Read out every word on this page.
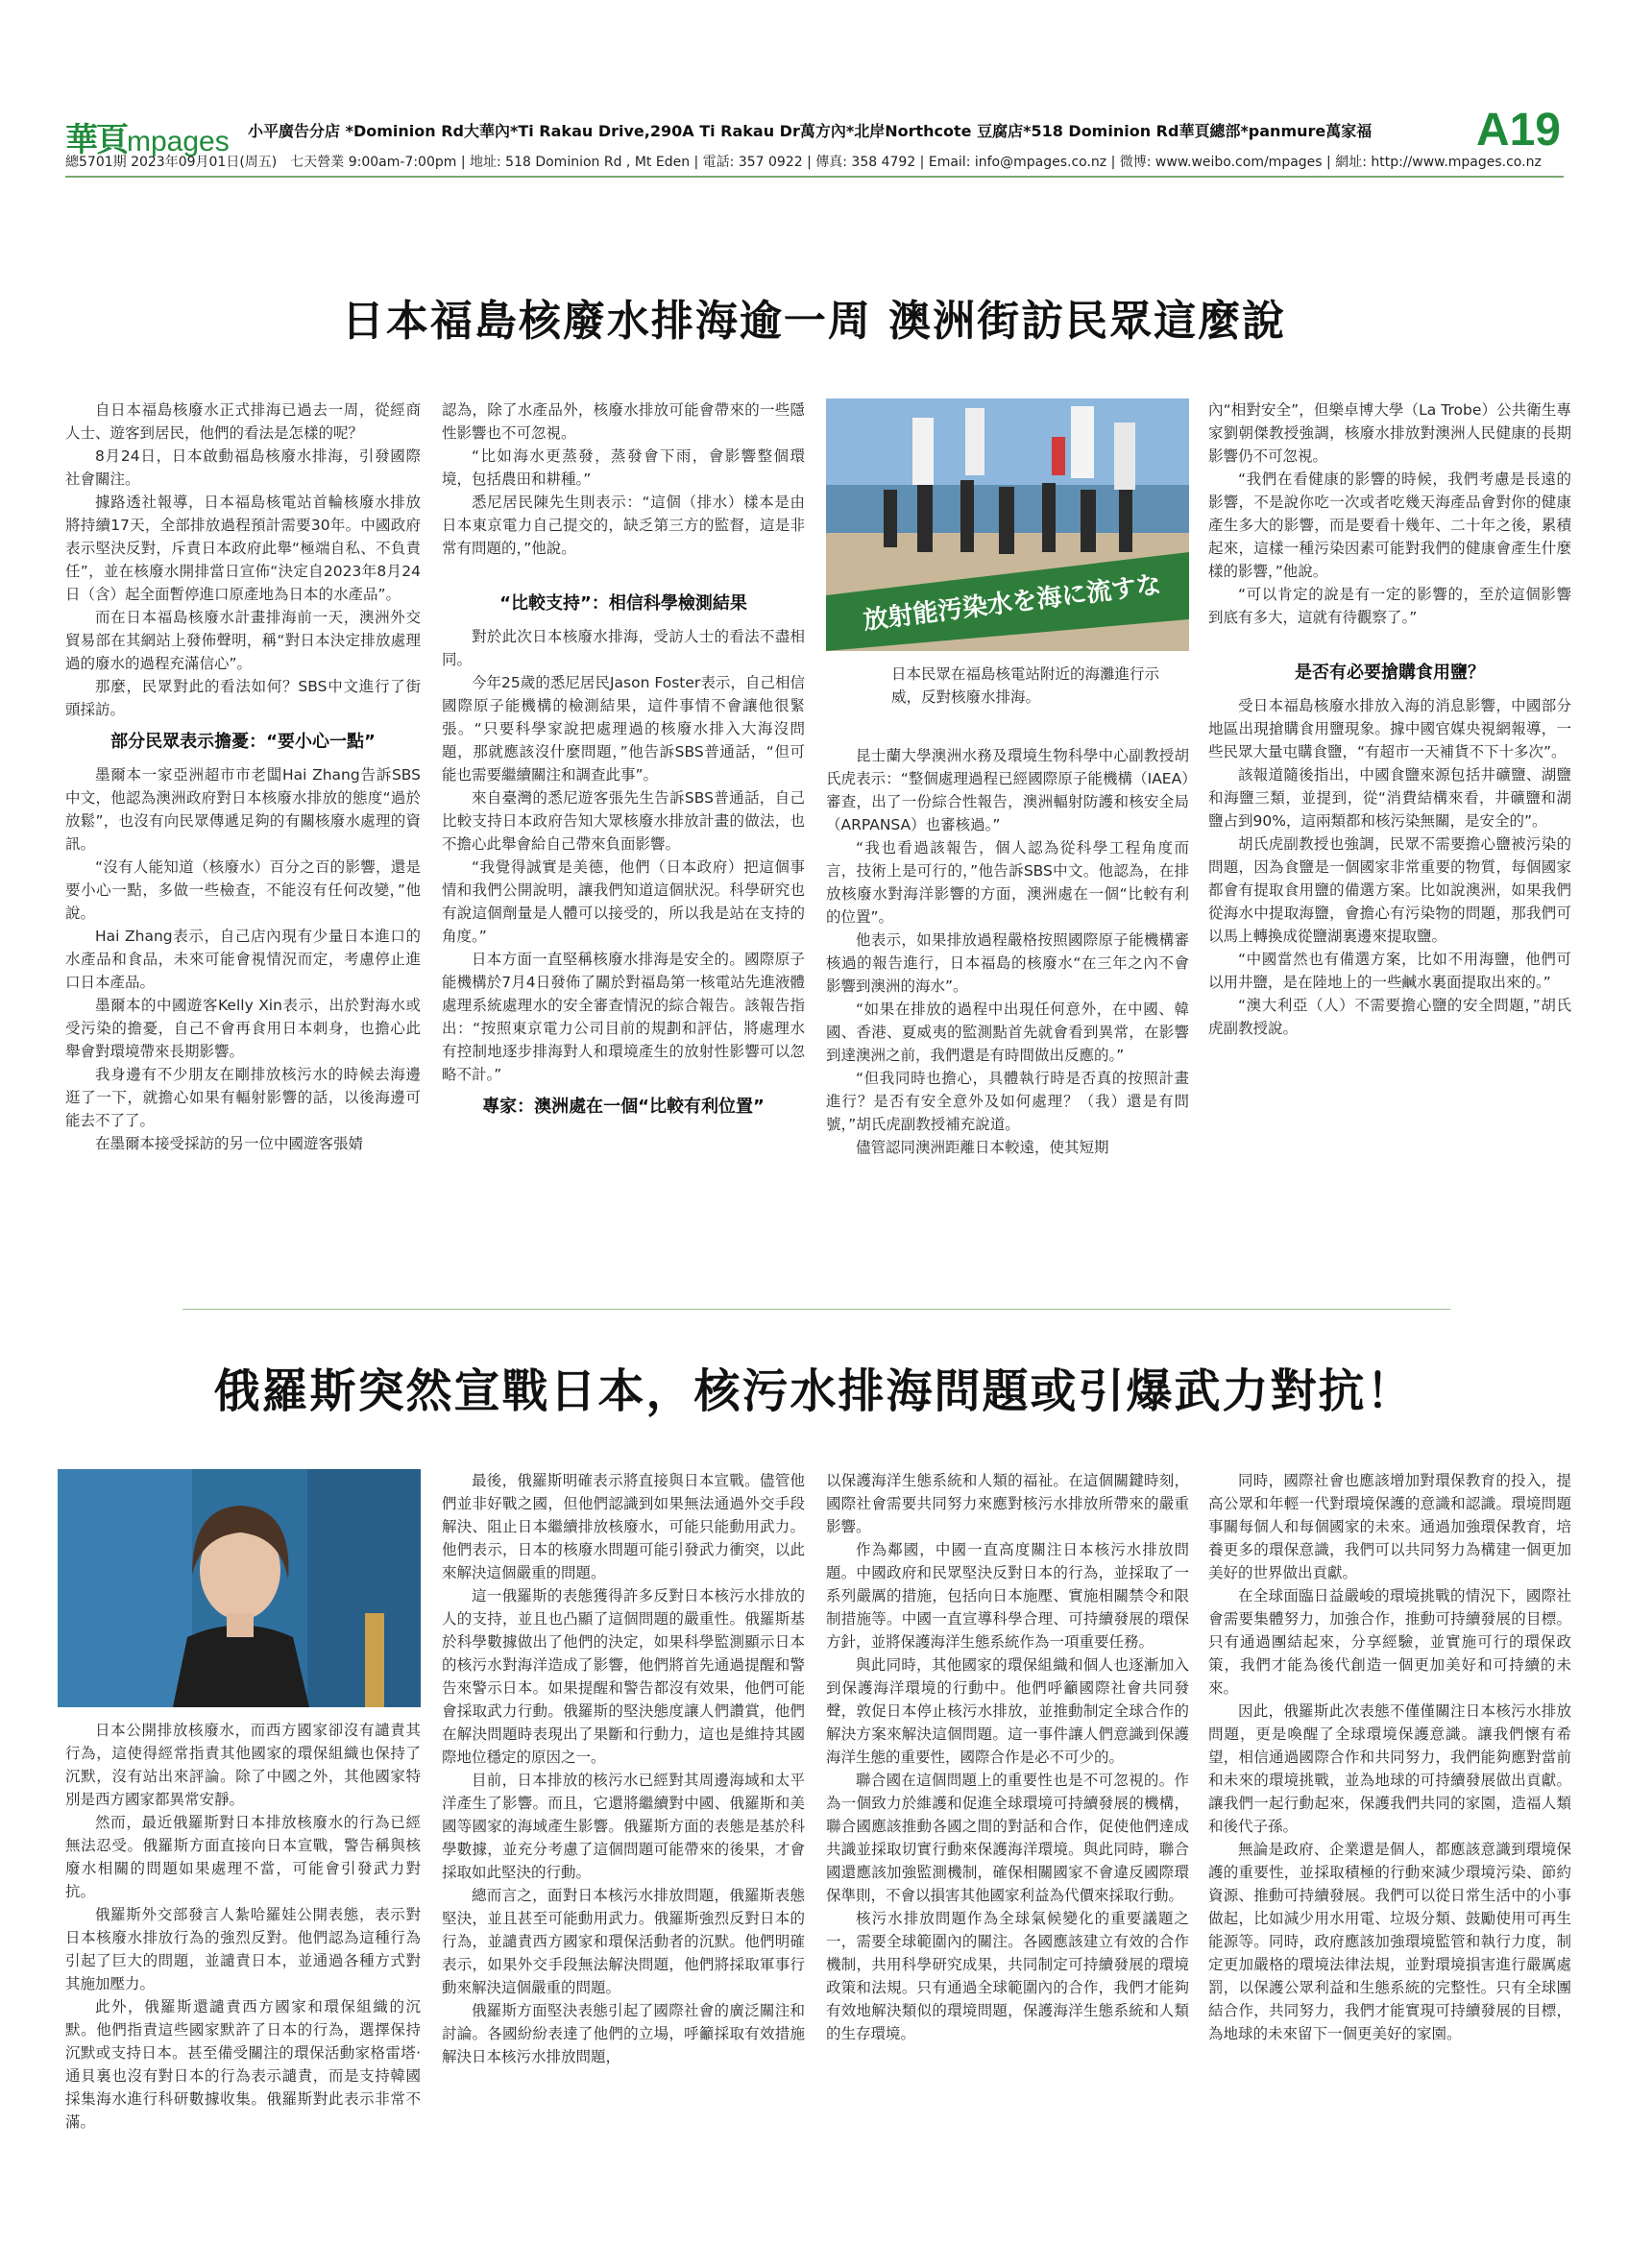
華頁mpages 小平廣告分店 *Dominion Rd大華內*Ti Rakau Drive,290A Ti Rakau Dr萬方內*北岸Northcote 豆腐店*518 Dominion Rd華頁總部*panmure萬家福
總5701期 2023年09月01日(周五)　七天營業 9:00am-7:00pm | 地址: 518 Dominion Rd , Mt Eden | 電話: 357 0922 | 傳真: 358 4792 | Email: info@mpages.co.nz | 微博: www.weibo.com/mpages | 網址: http://www.mpages.co.nz
A19
日本福島核廢水排海逾一周 澳洲街訪民眾這麼說

自日本福島核廢水正式排海已過去一周，從經商人士、遊客到居民，他們的看法是怎樣的呢？

8月24日，日本啟動福島核廢水排海，引發國際社會關注。

據路透社報導，日本福島核電站首輪核廢水排放將持續17天，全部排放過程預計需要30年。中國政府表示堅決反對，斥責日本政府此舉“極端自私、不負責任”，並在核廢水開排當日宣佈“決定自2023年8月24日（含）起全面暫停進口原產地為日本的水產品”。

而在日本福島核廢水計畫排海前一天，澳洲外交貿易部在其網站上發佈聲明，稱“對日本決定排放處理過的廢水的過程充滿信心”。

那麼，民眾對此的看法如何？SBS中文進行了街頭採訪。

部分民眾表示擔憂：“要小心一點”

墨爾本一家亞洲超市市老闆Hai Zhang告訴SBS中文，他認為澳洲政府對日本核廢水排放的態度“過於放鬆”，也沒有向民眾傳遞足夠的有關核廢水處理的資訊。

“沒有人能知道（核廢水）百分之百的影響，還是要小心一點，多做一些檢查，不能沒有任何改變，”他說。

Hai Zhang表示，自己店內現有少量日本進口的水產品和食品，未來可能會視情況而定，考慮停止進口日本產品。

墨爾本的中國遊客Kelly Xin表示，出於對海水或受污染的擔憂，自己不會再食用日本刺身，也擔心此舉會對環境帶來長期影響。

我身邊有不少朋友在剛排放核污水的時候去海邊逛了一下，就擔心如果有輻射影響的話，以後海邊可能去不了了。

在墨爾本接受採訪的另一位中國遊客張婧

認為，除了水產品外，核廢水排放可能會帶來的一些隱性影響也不可忽視。

“比如海水更蒸發，蒸發會下雨，會影響整個環境，包括農田和耕種。”

悉尼居民陳先生則表示：“這個（排水）樣本是由日本東京電力自己提交的，缺乏第三方的監督，這是非常有問題的，”他說。

“比較支持”：相信科學檢測結果

對於此次日本核廢水排海，受訪人士的看法不盡相同。

今年25歲的悉尼居民Jason Foster表示，自己相信國際原子能機構的檢測結果，這件事情不會讓他很緊張。“只要科學家說把處理過的核廢水排入大海沒問題，那就應該沒什麼問題，”他告訴SBS普通話，“但可能也需要繼續關注和調查此事”。

來自臺灣的悉尼遊客張先生告訴SBS普通話，自己比較支持日本政府告知大眾核廢水排放計畫的做法，也不擔心此舉會給自己帶來負面影響。

“我覺得誠實是美德，他們（日本政府）把這個事情和我們公開說明，讓我們知道這個狀況。科學研究也有說這個劑量是人體可以接受的，所以我是站在支持的角度。”

日本方面一直堅稱核廢水排海是安全的。國際原子能機構於7月4日發佈了關於對福島第一核電站先進液體處理系統處理水的安全審查情況的綜合報告。該報告指出：“按照東京電力公司目前的規劃和評估，將處理水有控制地逐步排海對人和環境產生的放射性影響可以忽略不計。”

專家：澳洲處在一個“比較有利位置”

放射能汚染水を海に流すな
日本民眾在福島核電站附近的海灘進行示威，反對核廢水排海。

昆士蘭大學澳洲水務及環境生物科學中心副教授胡氏虎表示：“整個處理過程已經國際原子能機構（IAEA）審查，出了一份綜合性報告，澳洲輻射防護和核安全局（ARPANSA）也審核過。”

“我也看過該報告，個人認為從科學工程角度而言，技術上是可行的，”他告訴SBS中文。他認為，在排放核廢水對海洋影響的方面，澳洲處在一個“比較有利的位置”。

他表示，如果排放過程嚴格按照國際原子能機構審核過的報告進行，日本福島的核廢水“在三年之內不會影響到澳洲的海水”。

“如果在排放的過程中出現任何意外，在中國、韓國、香港、夏威夷的監測點首先就會看到異常，在影響到達澳洲之前，我們還是有時間做出反應的。”

“但我同時也擔心，具體執行時是否真的按照計畫進行？是否有安全意外及如何處理？（我）還是有問號，”胡氏虎副教授補充說道。

儘管認同澳洲距離日本較遠，使其短期

內“相對安全”，但樂卓博大學（La Trobe）公共衛生專家劉朝傑教授強調，核廢水排放對澳洲人民健康的長期影響仍不可忽視。

“我們在看健康的影響的時候，我們考慮是長遠的影響，不是說你吃一次或者吃幾天海產品會對你的健康產生多大的影響，而是要看十幾年、二十年之後，累積起來，這樣一種污染因素可能對我們的健康會產生什麼樣的影響，”他說。

“可以肯定的說是有一定的影響的，至於這個影響到底有多大，這就有待觀察了。”

是否有必要搶購食用鹽？

受日本福島核廢水排放入海的消息影響，中國部分地區出現搶購食用鹽現象。據中國官媒央視網報導，一些民眾大量屯購食鹽，“有超市一天補貨不下十多次”。

該報道隨後指出，中國食鹽來源包括井礦鹽、湖鹽和海鹽三類，並提到，從“消費結構來看，井礦鹽和湖鹽占到90%，這兩類都和核污染無關，是安全的”。

胡氏虎副教授也強調，民眾不需要擔心鹽被污染的問題，因為食鹽是一個國家非常重要的物質，每個國家都會有提取食用鹽的備選方案。比如說澳洲，如果我們從海水中提取海鹽，會擔心有污染物的問題，那我們可以馬上轉換成從鹽湖裏邊來提取鹽。

“中國當然也有備選方案，比如不用海鹽，他們可以用井鹽，是在陸地上的一些鹹水裏面提取出來的。”

“澳大利亞（人）不需要擔心鹽的安全問題，”胡氏虎副教授說。

俄羅斯突然宣戰日本，核污水排海問題或引爆武力對抗！

日本公開排放核廢水，而西方國家卻沒有譴責其行為，這使得經常指責其他國家的環保組織也保持了沉默，沒有站出來評論。除了中國之外，其他國家特別是西方國家都異常安靜。

然而，最近俄羅斯對日本排放核廢水的行為已經無法忍受。俄羅斯方面直接向日本宣戰，警告稱與核廢水相關的問題如果處理不當，可能會引發武力對抗。

俄羅斯外交部發言人紮哈羅娃公開表態，表示對日本核廢水排放行為的強烈反對。他們認為這種行為引起了巨大的問題，並譴責日本，並通過各種方式對其施加壓力。

此外，俄羅斯還譴責西方國家和環保組織的沉默。他們指責這些國家默許了日本的行為，選擇保持沉默或支持日本。甚至備受關注的環保活動家格雷塔·通貝裏也沒有對日本的行為表示譴責，而是支持韓國採集海水進行科研數據收集。俄羅斯對此表示非常不滿。

最後，俄羅斯明確表示將直接與日本宣戰。儘管他們並非好戰之國，但他們認識到如果無法通過外交手段解決、阻止日本繼續排放核廢水，可能只能動用武力。他們表示，日本的核廢水問題可能引發武力衝突，以此來解決這個嚴重的問題。

這一俄羅斯的表態獲得許多反對日本核污水排放的人的支持，並且也凸顯了這個問題的嚴重性。俄羅斯基於科學數據做出了他們的決定，如果科學監測顯示日本的核污水對海洋造成了影響，他們將首先通過提醒和警告來警示日本。如果提醒和警告都沒有效果，他們可能會採取武力行動。俄羅斯的堅決態度讓人們讚賞，他們在解決問題時表現出了果斷和行動力，這也是維持其國際地位穩定的原因之一。

目前，日本排放的核污水已經對其周邊海域和太平洋產生了影響。而且，它還將繼續對中國、俄羅斯和美國等國家的海域產生影響。俄羅斯方面的表態是基於科學數據，並充分考慮了這個問題可能帶來的後果，才會採取如此堅決的行動。

總而言之，面對日本核污水排放問題，俄羅斯表態堅決，並且甚至可能動用武力。俄羅斯強烈反對日本的行為，並譴責西方國家和環保活動者的沉默。他們明確表示，如果外交手段無法解決問題，他們將採取軍事行動來解決這個嚴重的問題。

俄羅斯方面堅決表態引起了國際社會的廣泛關注和討論。各國紛紛表達了他們的立場，呼籲採取有效措施解決日本核污水排放問題，

以保護海洋生態系統和人類的福祉。在這個關鍵時刻，國際社會需要共同努力來應對核污水排放所帶來的嚴重影響。

作為鄰國，中國一直高度關注日本核污水排放問題。中國政府和民眾堅決反對日本的行為，並採取了一系列嚴厲的措施，包括向日本施壓、實施相關禁令和限制措施等。中國一直宣導科學合理、可持續發展的環保方針，並將保護海洋生態系統作為一項重要任務。

與此同時，其他國家的環保組織和個人也逐漸加入到保護海洋環境的行動中。他們呼籲國際社會共同發聲，敦促日本停止核污水排放，並推動制定全球合作的解決方案來解決這個問題。這一事件讓人們意識到保護海洋生態的重要性，國際合作是必不可少的。

聯合國在這個問題上的重要性也是不可忽視的。作為一個致力於維護和促進全球環境可持續發展的機構，聯合國應該推動各國之間的對話和合作，促使他們達成共識並採取切實行動來保護海洋環境。與此同時，聯合國還應該加強監測機制，確保相關國家不會違反國際環保準則，不會以損害其他國家利益為代價來採取行動。

核污水排放問題作為全球氣候變化的重要議題之一，需要全球範圍內的關注。各國應該建立有效的合作機制，共用科學研究成果，共同制定可持續發展的環境政策和法規。只有通過全球範圍內的合作，我們才能夠有效地解決類似的環境問題，保護海洋生態系統和人類的生存環境。

同時，國際社會也應該增加對環保教育的投入，提高公眾和年輕一代對環境保護的意識和認識。環境問題事關每個人和每個國家的未來。通過加強環保教育，培養更多的環保意識，我們可以共同努力為構建一個更加美好的世界做出貢獻。

在全球面臨日益嚴峻的環境挑戰的情況下，國際社會需要集體努力，加強合作，推動可持續發展的目標。只有通過團結起來，分享經驗，並實施可行的環保政策，我們才能為後代創造一個更加美好和可持續的未來。

因此，俄羅斯此次表態不僅僅關注日本核污水排放問題，更是喚醒了全球環境保護意識。讓我們懷有希望，相信通過國際合作和共同努力，我們能夠應對當前和未來的環境挑戰，並為地球的可持續發展做出貢獻。讓我們一起行動起來，保護我們共同的家園，造福人類和後代子孫。

無論是政府、企業還是個人，都應該意識到環境保護的重要性，並採取積極的行動來減少環境污染、節約資源、推動可持續發展。我們可以從日常生活中的小事做起，比如減少用水用電、垃圾分類、鼓勵使用可再生能源等。同時，政府應該加強環境監管和執行力度，制定更加嚴格的環境法律法規，並對環境損害進行嚴厲處罰，以保護公眾利益和生態系統的完整性。只有全球團結合作，共同努力，我們才能實現可持續發展的目標，為地球的未來留下一個更美好的家園。
